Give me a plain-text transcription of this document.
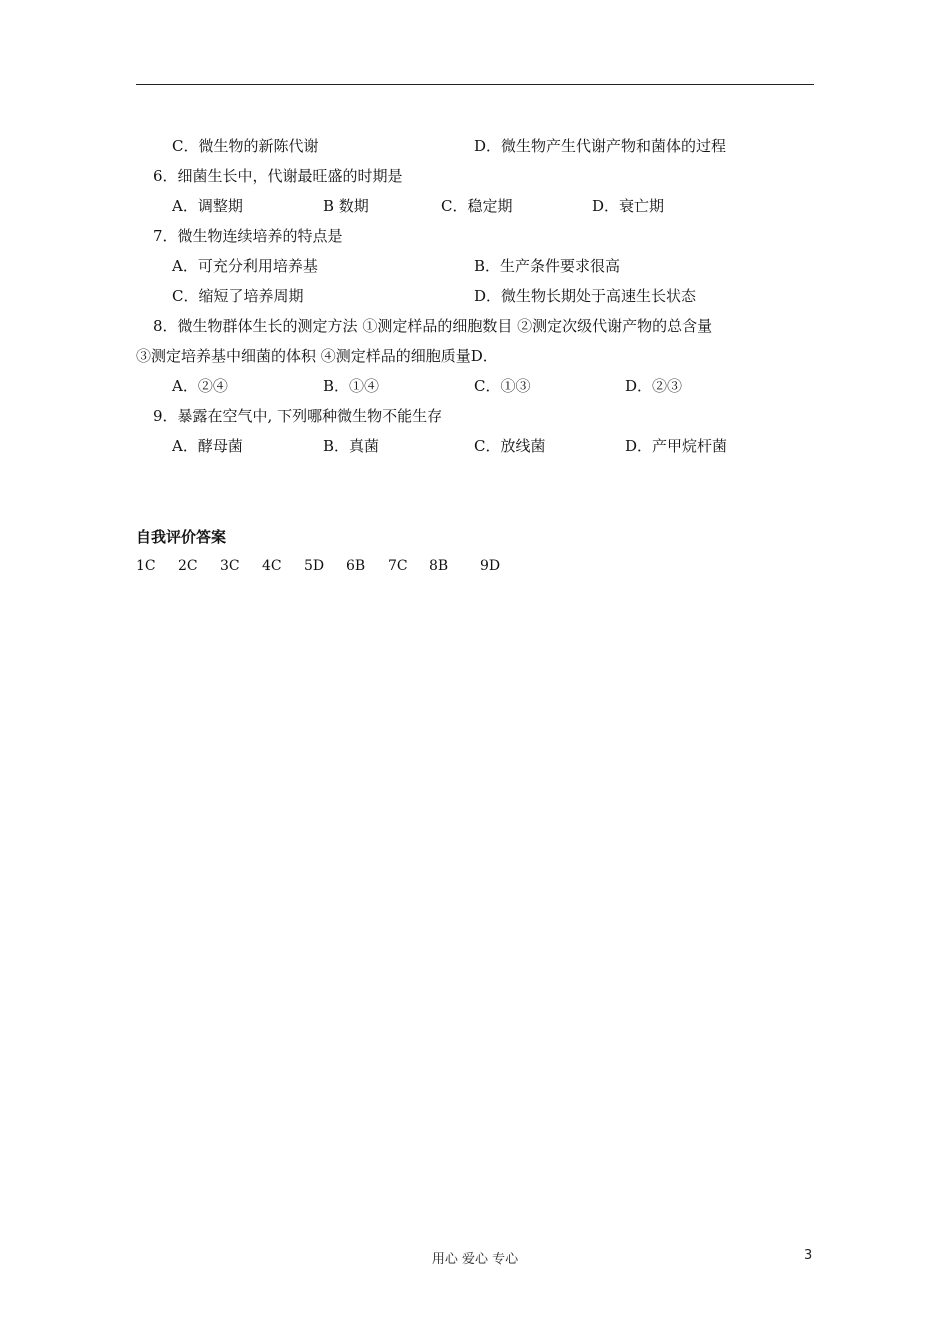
C．微生物的新陈代谢	D．微生物产生代谢产物和菌体的过程
6．细菌生长中，代谢最旺盛的时期是
A．调整期	B 数期	C．稳定期	D．衰亡期
7．微生物连续培养的特点是
A．可充分利用培养基	B．生产条件要求很高
C．缩短了培养周期	D．微生物长期处于高速生长状态
8．微生物群体生长的测定方法 ①测定样品的细胞数目 ②测定次级代谢产物的总含量
③测定培养基中细菌的体积 ④测定样品的细胞质量D．
A．②④	B．①④	C．①③	D．②③
9．暴露在空气中, 下列哪种微生物不能生存
A．酵母菌	B．真菌	C．放线菌	D．产甲烷杆菌
自我评价答案
1C 2C 3C 4C 5D 6B 7C 8B 9D
用心 爱心 专心	3
